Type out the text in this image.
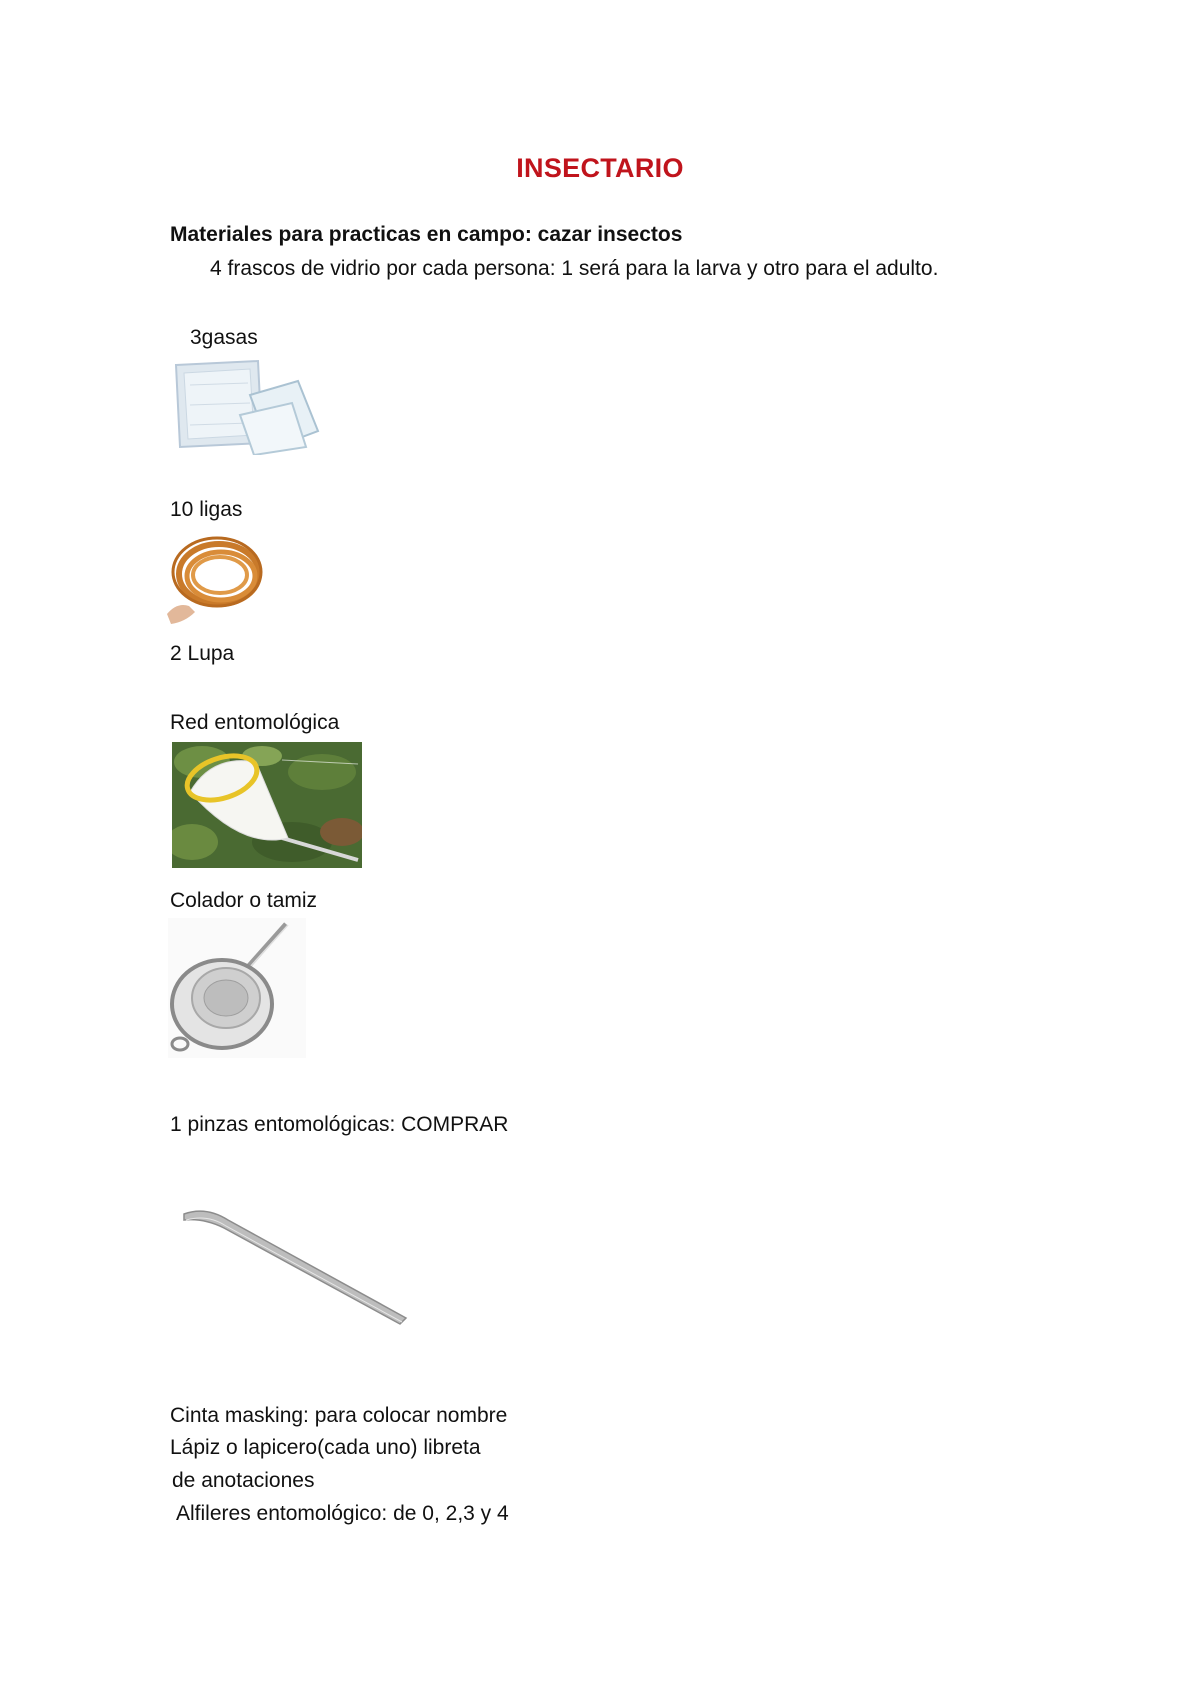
INSECTARIO
Materiales para practicas en campo: cazar insectos
4 frascos de vidrio por cada persona: 1 será para la larva y otro para el adulto.
3gasas
10 ligas
2 Lupa
Red entomológica
Colador o tamiz
1 pinzas entomológicas: COMPRAR
Cinta masking: para colocar nombre
Lápiz o lapicero(cada uno) libreta
de anotaciones
Alfileres entomológico: de 0, 2,3 y 4
